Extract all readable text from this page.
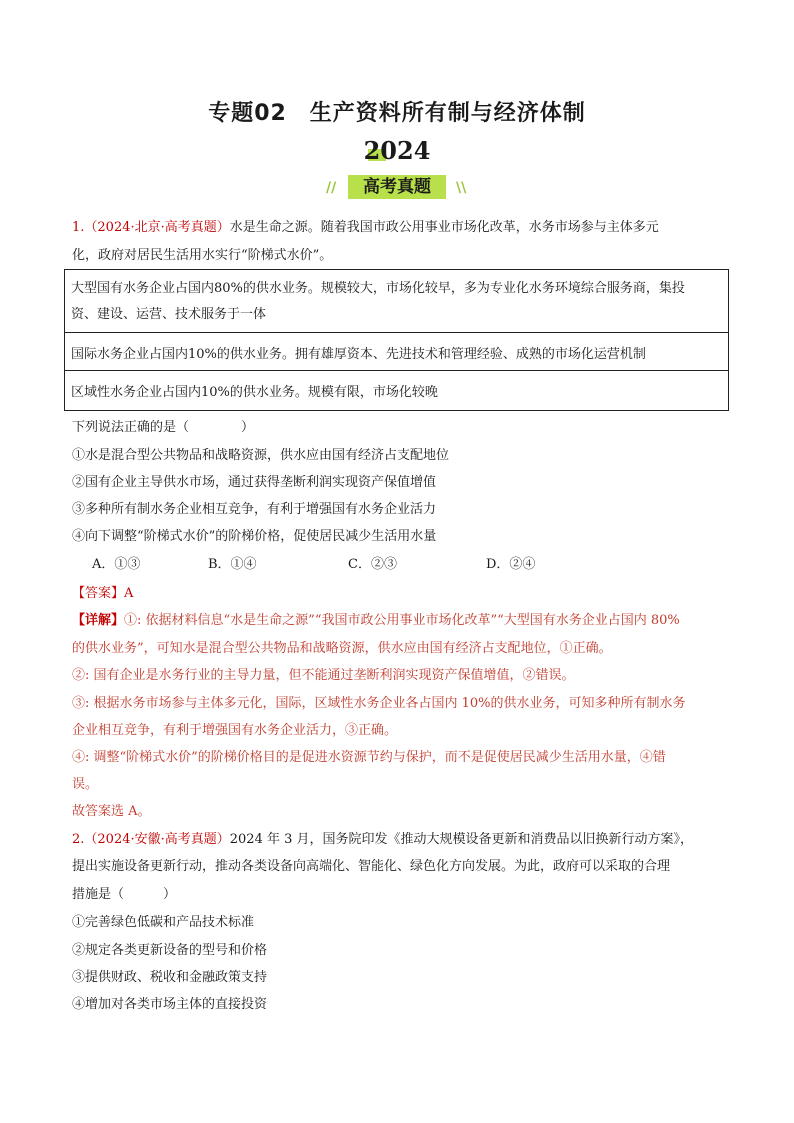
专题02　生产资料所有制与经济体制
2024
//	高考真题	\\
1.（2024·北京·高考真题）水是生命之源。随着我国市政公用事业市场化改革，水务市场参与主体多元
化，政府对居民生活用水实行“阶梯式水价”。
大型国有水务企业占国内80%的供水业务。规模较大，市场化较早，多为专业化水务环境综合服务商，集投
资、建设、运营、技术服务于一体
国际水务企业占国内10%的供水业务。拥有雄厚资本、先进技术和管理经验、成熟的市场化运营机制
区域性水务企业占国内10%的供水业务。规模有限，市场化较晚
下列说法正确的是（　　　　）
①水是混合型公共物品和战略资源，供水应由国有经济占支配地位
②国有企业主导供水市场，通过获得垄断利润实现资产保值增值
③多种所有制水务企业相互竞争，有利于增强国有水务企业活力
④向下调整“阶梯式水价”的阶梯价格，促使居民减少生活用水量
A．①③	B．①④	C．②③	D．②④
【答案】A
【详解】①: 依据材料信息“水是生命之源”“我国市政公用事业市场化改革”“大型国有水务企业占国内 80%
的供水业务”，可知水是混合型公共物品和战略资源，供水应由国有经济占支配地位，①正确。
②: 国有企业是水务行业的主导力量，但不能通过垄断利润实现资产保值增值，②错误。
③: 根据水务市场参与主体多元化，国际，区域性水务企业各占国内 10%的供水业务，可知多种所有制水务
企业相互竞争，有利于增强国有水务企业活力，③正确。
④: 调整“阶梯式水价”的阶梯价格目的是促进水资源节约与保护，而不是促使居民减少生活用水量，④错
误。
故答案选 A。
2.（2024·安徽·高考真题）2024 年 3 月，国务院印发《推动大规模设备更新和消费品以旧换新行动方案》，
提出实施设备更新行动，推动各类设备向高端化、智能化、绿色化方向发展。为此，政府可以采取的合理
措施是（　　　）
①完善绿色低碳和产品技术标准
②规定各类更新设备的型号和价格
③提供财政、税收和金融政策支持
④增加对各类市场主体的直接投资
